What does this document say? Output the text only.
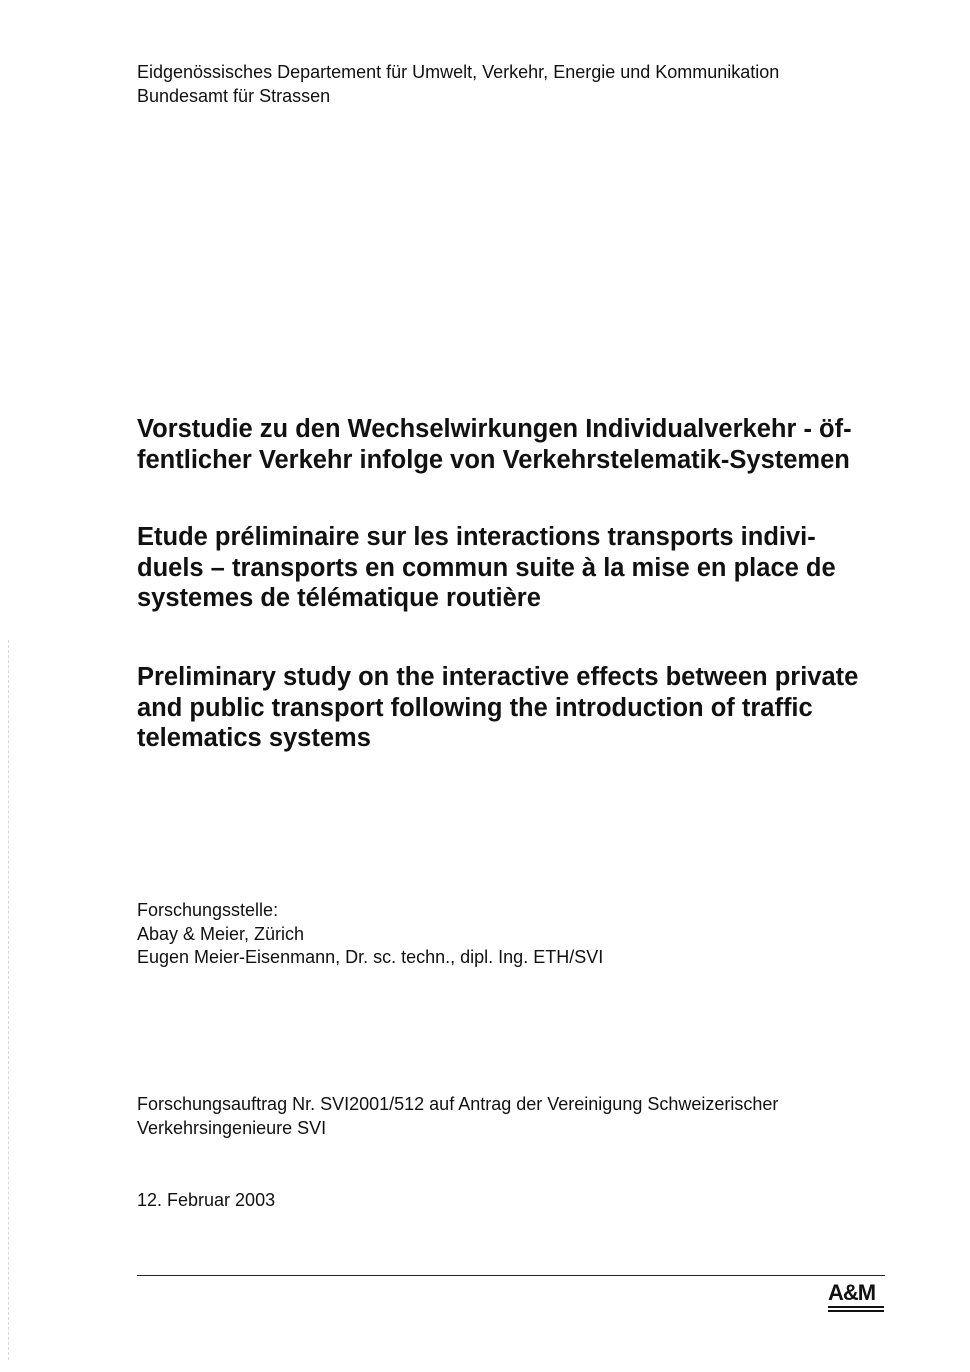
Eidgenössisches Departement für Umwelt, Verkehr, Energie und Kommunikation
Bundesamt für Strassen
Vorstudie zu den Wechselwirkungen Individualverkehr - öf-
fentlicher Verkehr infolge von Verkehrstelematik-Systemen
Etude préliminaire sur les interactions transports indivi-
duels – transports en commun suite à la mise en place de
systemes de télématique routière
Preliminary study on the interactive effects between private
and public transport following the introduction of traffic
telematics systems
Forschungsstelle:
Abay & Meier, Zürich
Eugen Meier-Eisenmann, Dr. sc. techn., dipl. Ing. ETH/SVI
Forschungsauftrag Nr. SVI2001/512 auf Antrag der Vereinigung Schweizerischer
Verkehrsingenieure SVI
12. Februar 2003
A&M
